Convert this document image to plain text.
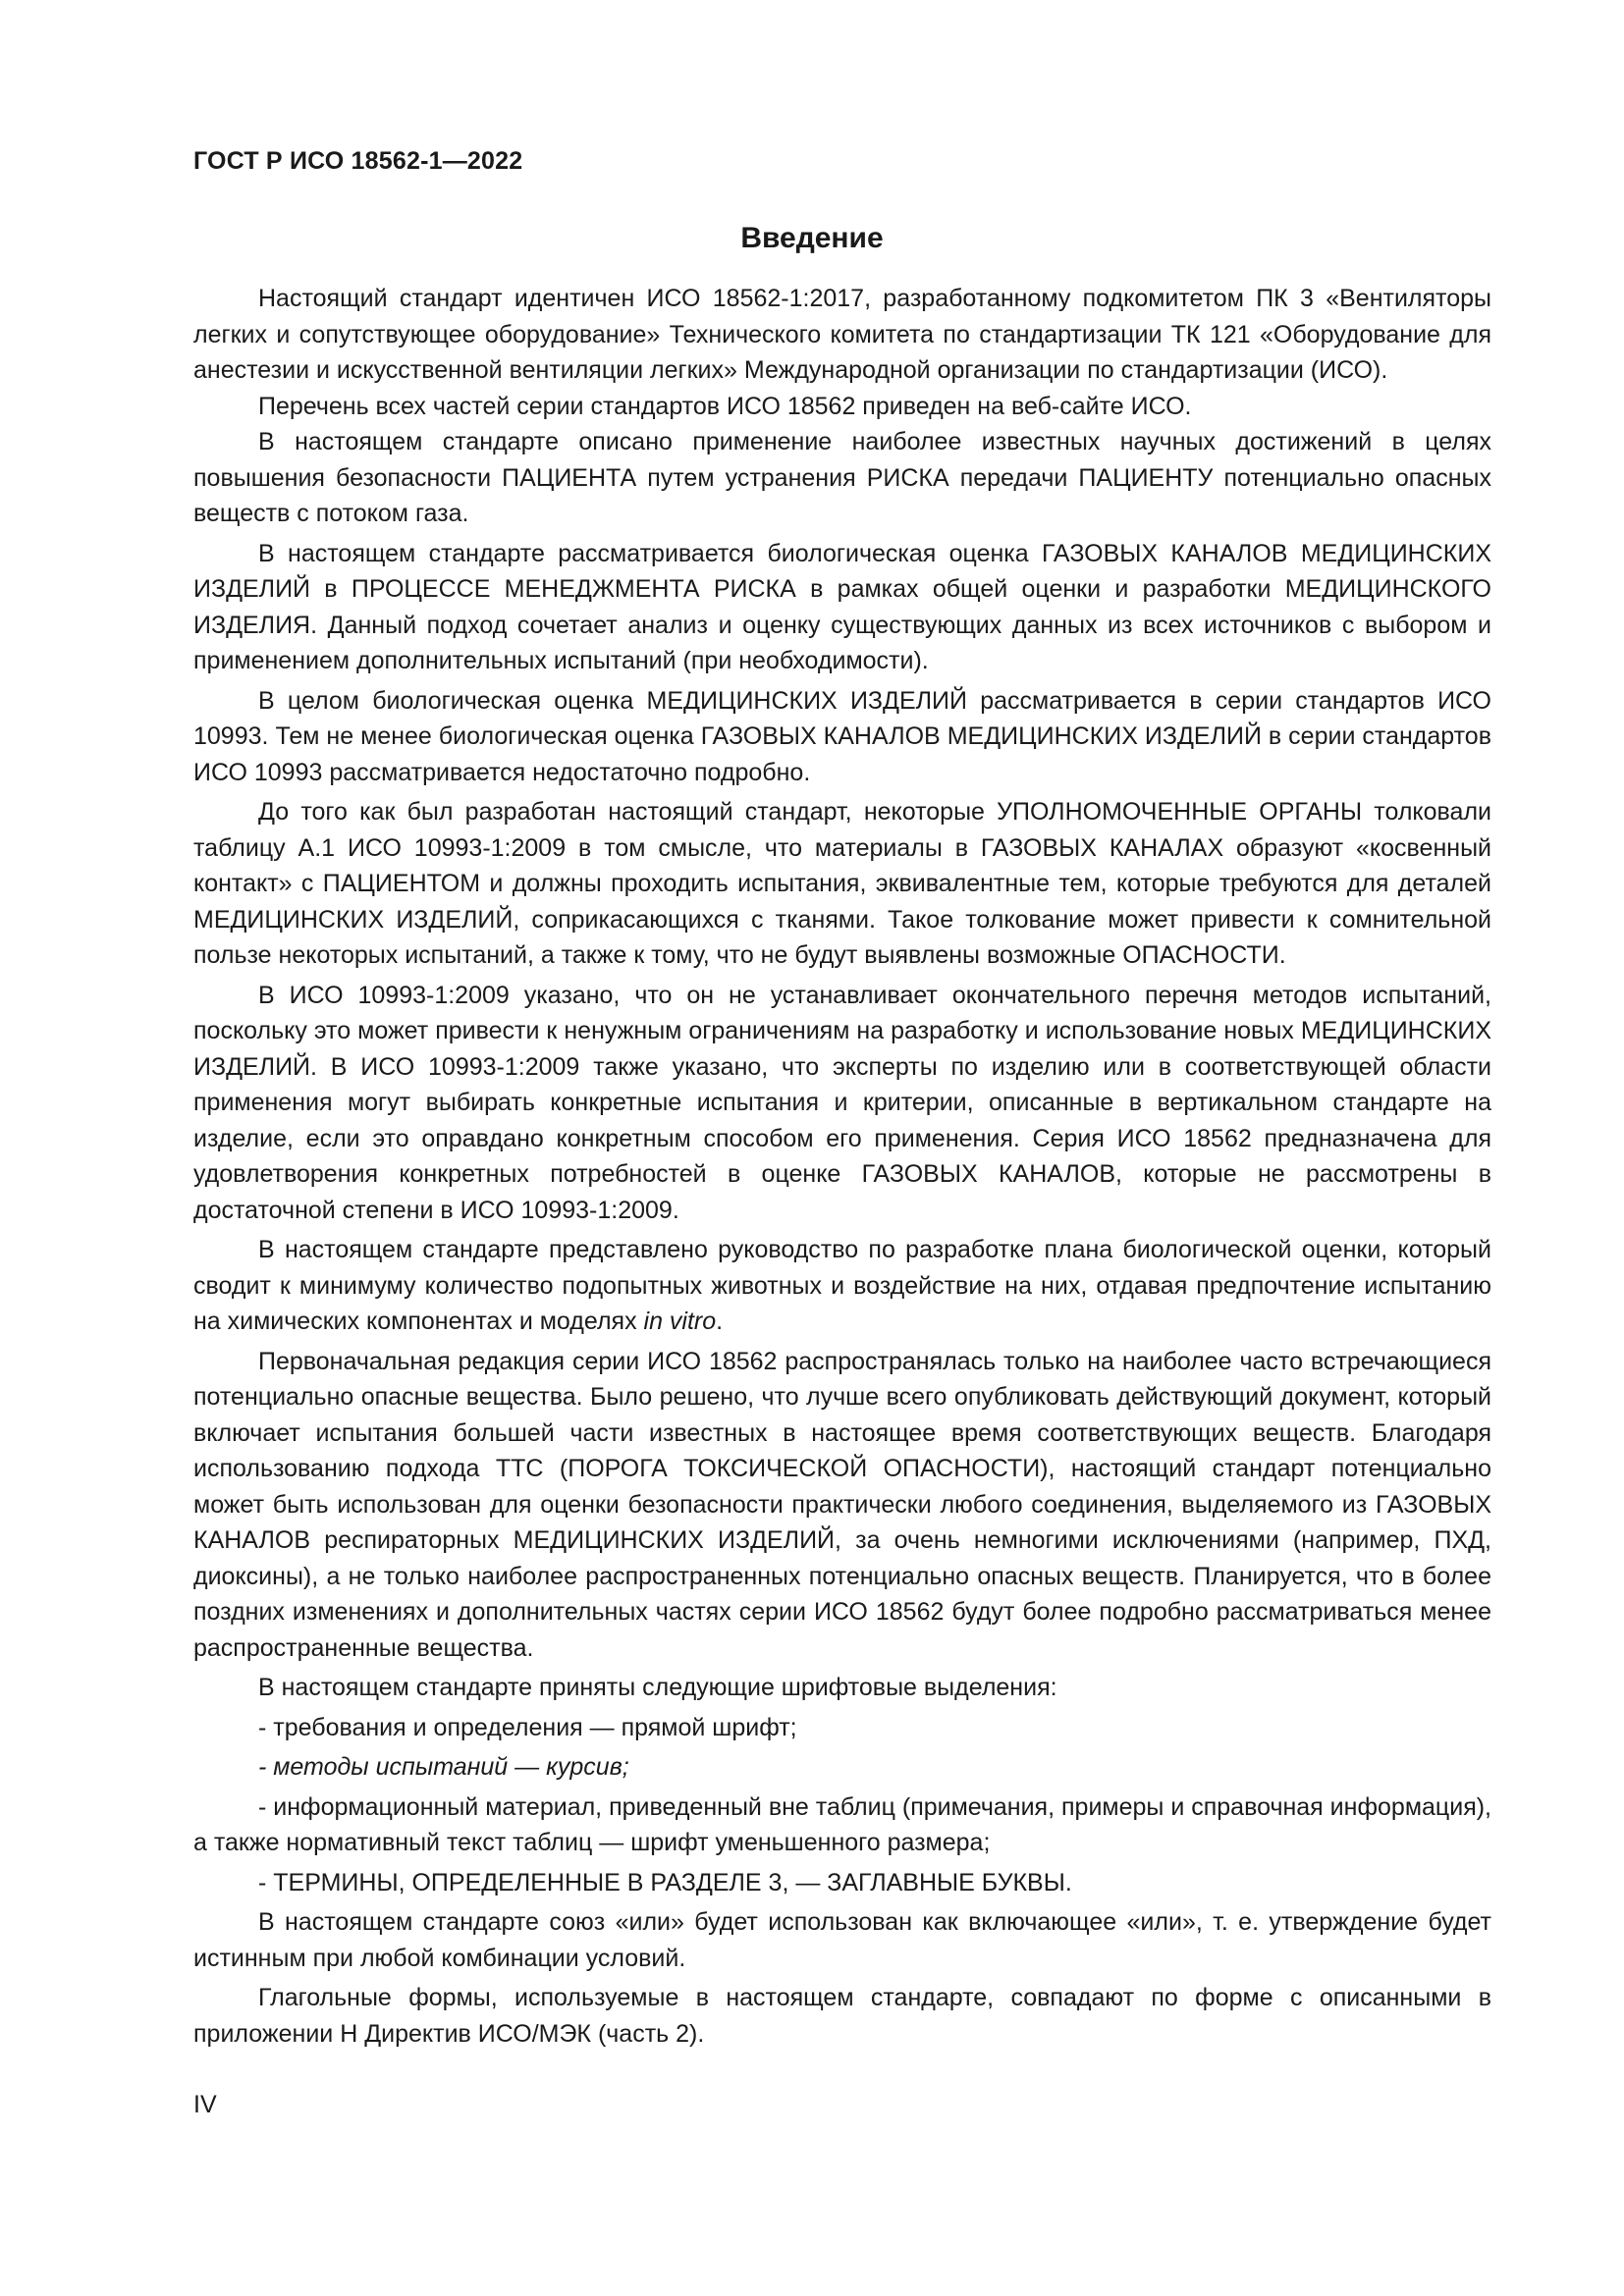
ГОСТ Р ИСО 18562-1—2022
Введение

Настоящий стандарт идентичен ИСО 18562-1:2017, разработанному подкомитетом ПК 3 «Вентиляторы легких и сопутствующее оборудование» Технического комитета по стандартизации ТК 121 «Оборудование для анестезии и искусственной вентиляции легких» Международной организации по стандартизации (ИСО).

Перечень всех частей серии стандартов ИСО 18562 приведен на веб-сайте ИСО.

В настоящем стандарте описано применение наиболее известных научных достижений в целях повышения безопасности ПАЦИЕНТА путем устранения РИСКА передачи ПАЦИЕНТУ потенциально опасных веществ с потоком газа.

В настоящем стандарте рассматривается биологическая оценка ГАЗОВЫХ КАНАЛОВ МЕДИЦИНСКИХ ИЗДЕЛИЙ в ПРОЦЕССЕ МЕНЕДЖМЕНТА РИСКА в рамках общей оценки и разработки МЕДИЦИНСКОГО ИЗДЕЛИЯ. Данный подход сочетает анализ и оценку существующих данных из всех источников с выбором и применением дополнительных испытаний (при необходимости).

В целом биологическая оценка МЕДИЦИНСКИХ ИЗДЕЛИЙ рассматривается в серии стандартов ИСО 10993. Тем не менее биологическая оценка ГАЗОВЫХ КАНАЛОВ МЕДИЦИНСКИХ ИЗДЕЛИЙ в серии стандартов ИСО 10993 рассматривается недостаточно подробно.

До того как был разработан настоящий стандарт, некоторые УПОЛНОМОЧЕННЫЕ ОРГАНЫ толковали таблицу А.1 ИСО 10993-1:2009 в том смысле, что материалы в ГАЗОВЫХ КАНАЛАХ образуют «косвенный контакт» с ПАЦИЕНТОМ и должны проходить испытания, эквивалентные тем, которые требуются для деталей МЕДИЦИНСКИХ ИЗДЕЛИЙ, соприкасающихся с тканями. Такое толкование может привести к сомнительной пользе некоторых испытаний, а также к тому, что не будут выявлены возможные ОПАСНОСТИ.

В ИСО 10993-1:2009 указано, что он не устанавливает окончательного перечня методов испытаний, поскольку это может привести к ненужным ограничениям на разработку и использование новых МЕДИЦИНСКИХ ИЗДЕЛИЙ. В ИСО 10993-1:2009 также указано, что эксперты по изделию или в соответствующей области применения могут выбирать конкретные испытания и критерии, описанные в вертикальном стандарте на изделие, если это оправдано конкретным способом его применения. Серия ИСО 18562 предназначена для удовлетворения конкретных потребностей в оценке ГАЗОВЫХ КАНАЛОВ, которые не рассмотрены в достаточной степени в ИСО 10993-1:2009.

В настоящем стандарте представлено руководство по разработке плана биологической оценки, который сводит к минимуму количество подопытных животных и воздействие на них, отдавая предпочтение испытанию на химических компонентах и моделях in vitro.

Первоначальная редакция серии ИСО 18562 распространялась только на наиболее часто встречающиеся потенциально опасные вещества. Было решено, что лучше всего опубликовать действующий документ, который включает испытания большей части известных в настоящее время соответствующих веществ. Благодаря использованию подхода ТТС (ПОРОГА ТОКСИЧЕСКОЙ ОПАСНОСТИ), настоящий стандарт потенциально может быть использован для оценки безопасности практически любого соединения, выделяемого из ГАЗОВЫХ КАНАЛОВ респираторных МЕДИЦИНСКИХ ИЗДЕЛИЙ, за очень немногими исключениями (например, ПХД, диоксины), а не только наиболее распространенных потенциально опасных веществ. Планируется, что в более поздних изменениях и дополнительных частях серии ИСО 18562 будут более подробно рассматриваться менее распространенные вещества.

В настоящем стандарте приняты следующие шрифтовые выделения:

- требования и определения — прямой шрифт;

- методы испытаний — курсив;

- информационный материал, приведенный вне таблиц (примечания, примеры и справочная информация), а также нормативный текст таблиц — шрифт уменьшенного размера;

- ТЕРМИНЫ, ОПРЕДЕЛЕННЫЕ В РАЗДЕЛЕ 3, — ЗАГЛАВНЫЕ БУКВЫ.

В настоящем стандарте союз «или» будет использован как включающее «или», т. е. утверждение будет истинным при любой комбинации условий.

Глагольные формы, используемые в настоящем стандарте, совпадают по форме с описанными в приложении Н Директив ИСО/МЭК (часть 2).

IV
